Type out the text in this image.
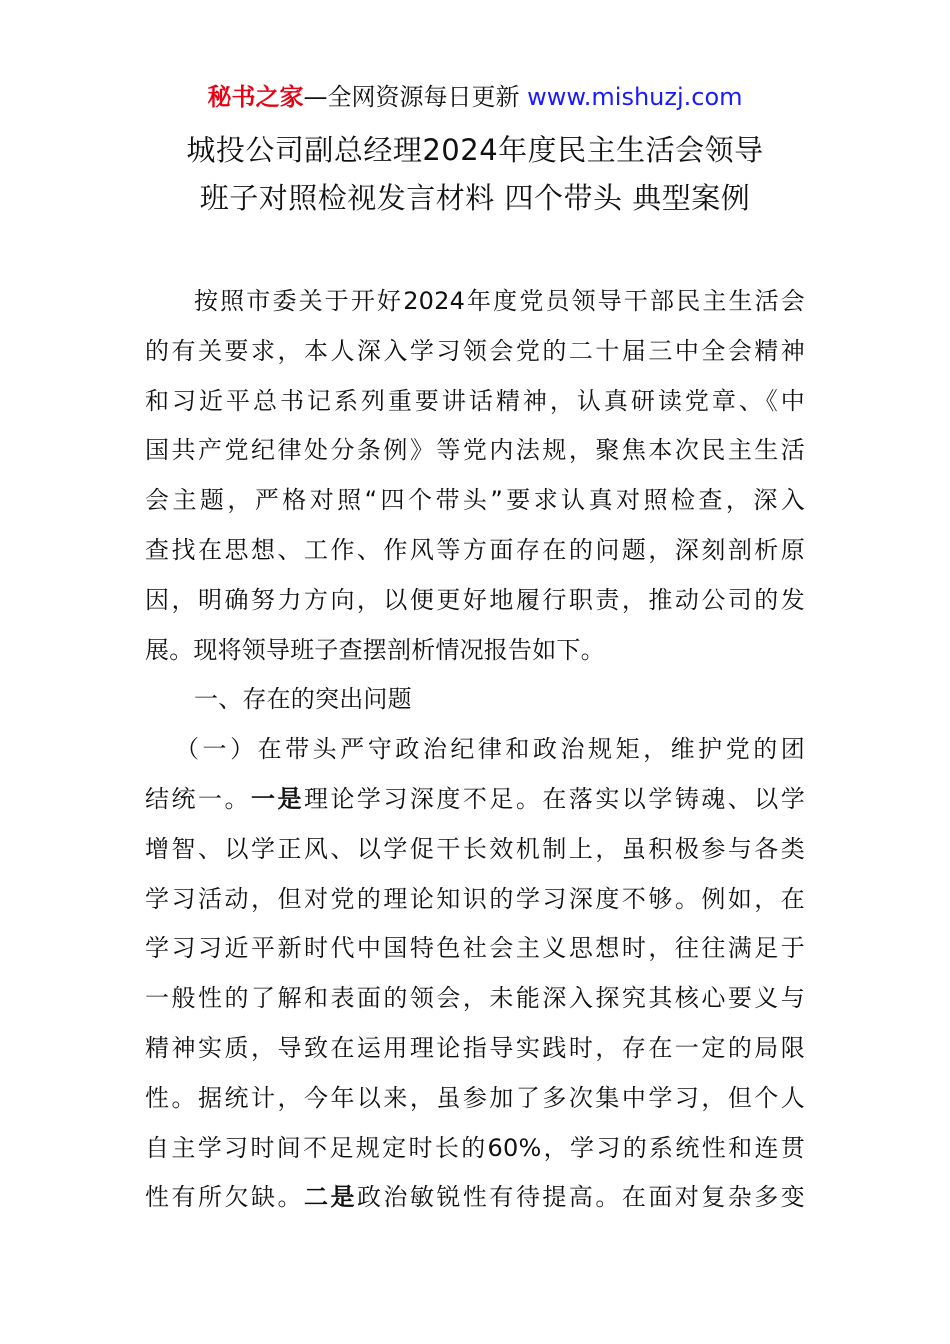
秘书之家—全网资源每日更新 www.mishuzj.com
城投公司副总经理2024年度民主生活会领导
班子对照检视发言材料 四个带头 典型案例
按照市委关于开好2024年度党员领导干部民主生活会
的有关要求，本人深入学习领会党的二十届三中全会精神
和习近平总书记系列重要讲话精神，认真研读党章、《中
国共产党纪律处分条例》等党内法规，聚焦本次民主生活
会主题，严格对照“四个带头”要求认真对照检查，深入
查找在思想、工作、作风等方面存在的问题，深刻剖析原
因，明确努力方向，以便更好地履行职责，推动公司的发
展。现将领导班子查摆剖析情况报告如下。
一、存在的突出问题
（一）在带头严守政治纪律和政治规矩，维护党的团
结统一。一是理论学习深度不足。在落实以学铸魂、以学
增智、以学正风、以学促干长效机制上，虽积极参与各类
学习活动，但对党的理论知识的学习深度不够。例如，在
学习习近平新时代中国特色社会主义思想时，往往满足于
一般性的了解和表面的领会，未能深入探究其核心要义与
精神实质，导致在运用理论指导实践时，存在一定的局限
性。据统计，今年以来，虽参加了多次集中学习，但个人
自主学习时间不足规定时长的60%，学习的系统性和连贯
性有所欠缺。二是政治敏锐性有待提高。在面对复杂多变
